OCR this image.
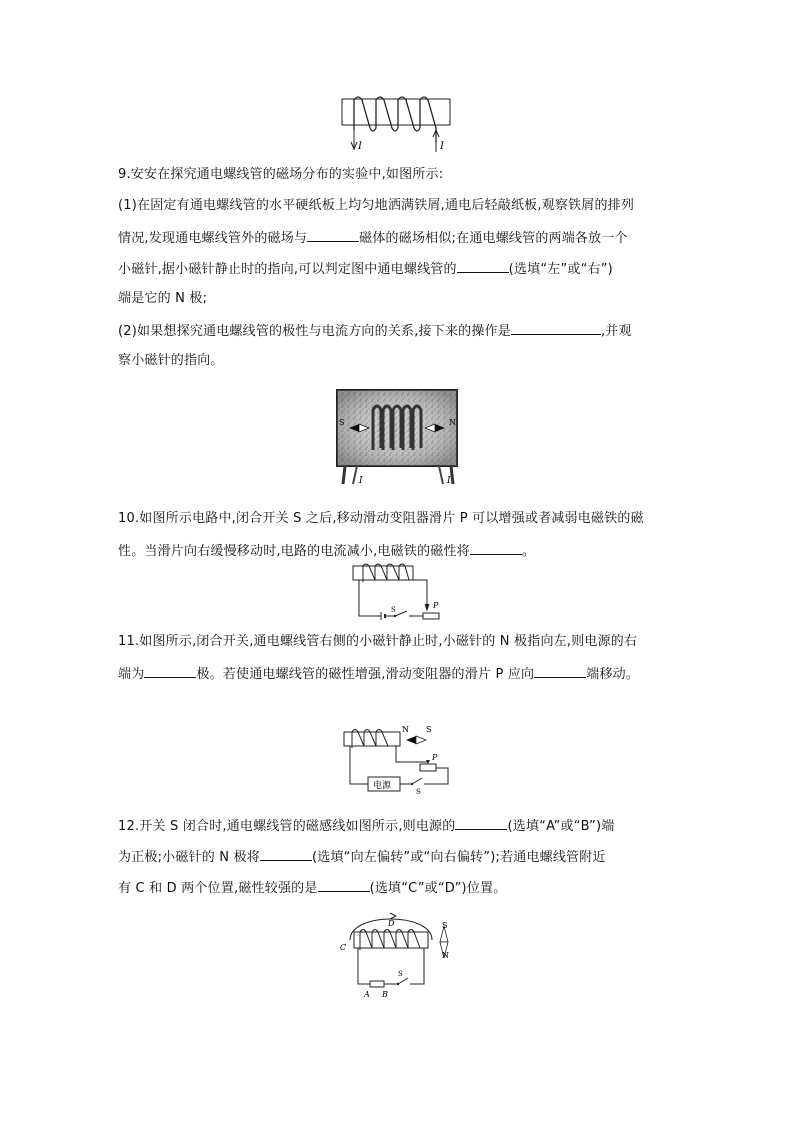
I	I
9.安安在探究通电螺线管的磁场分布的实验中,如图所示:
(1)在固定有通电螺线管的水平硬纸板上均匀地洒满铁屑,通电后轻敲纸板,观察铁屑的排列
情况,发现通电螺线管外的磁场与	磁体的磁场相似;在通电螺线管的两端各放一个
小磁针,据小磁针静止时的指向,可以判定图中通电螺线管的	(选填“左”或“右”)
端是它的 N 极;
(2)如果想探究通电螺线管的极性与电流方向的关系,接下来的操作是	,并观
察小磁针的指向。
S	N
I	I
10.如图所示电路中,闭合开关 S 之后,移动滑动变阻器滑片 P 可以增强或者减弱电磁铁的磁
性。当滑片向右缓慢移动时,电路的电流减小,电磁铁的磁性将	。
S	P
11.如图所示,闭合开关,通电螺线管右侧的小磁针静止时,小磁针的 N 极指向左,则电源的右
端为	极。若使通电螺线管的磁性增强,滑动变阻器的滑片 P 应向	端移动。
N S
电源
S
P
12.开关 S 闭合时,通电螺线管的磁感线如图所示,则电源的	(选填“A”或“B”)端
为正极;小磁针的 N 极将	(选填“向左偏转”或“向右偏转”);若通电螺线管附近
有 C 和 D 两个位置,磁性较强的是	(选填“C”或“D”)位置。
D
C
S
N
S
A B
